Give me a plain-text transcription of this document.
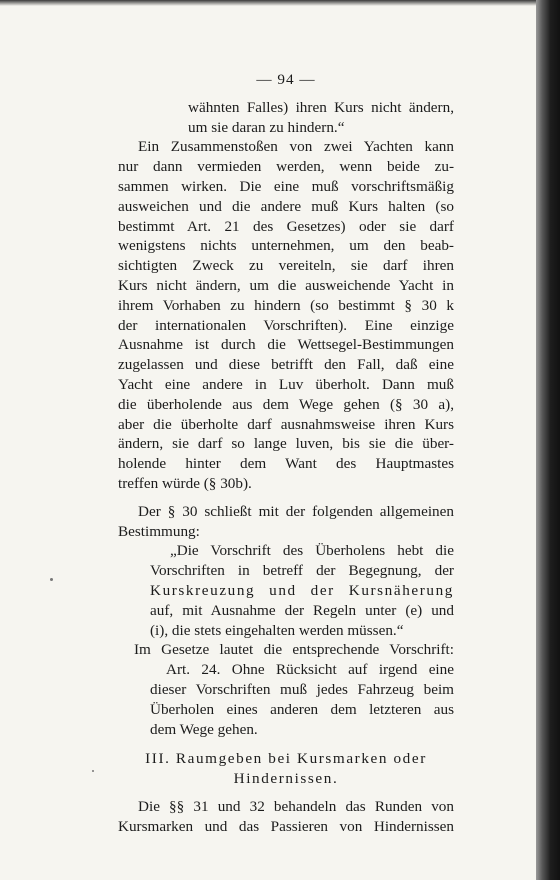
— 94 —
wähnten Falles) ihren Kurs nicht ändern,
um sie daran zu hindern.“
Ein Zusammenstoßen von zwei Yachten kann
nur dann vermieden werden, wenn beide zu-
sammen wirken. Die eine muß vorschriftsmäßig
ausweichen und die andere muß Kurs halten (so
bestimmt Art. 21 des Gesetzes) oder sie darf
wenigstens nichts unternehmen, um den beab-
sichtigten Zweck zu vereiteln, sie darf ihren
Kurs nicht ändern, um die ausweichende Yacht in
ihrem Vorhaben zu hindern (so bestimmt § 30 k
der internationalen Vorschriften). Eine einzige
Ausnahme ist durch die Wettsegel-Bestimmungen
zugelassen und diese betrifft den Fall, daß eine
Yacht eine andere in Luv überholt. Dann muß
die überholende aus dem Wege gehen (§ 30 a),
aber die überholte darf ausnahmsweise ihren Kurs
ändern, sie darf so lange luven, bis sie die über-
holende hinter dem Want des Hauptmastes
treffen würde (§ 30b).
Der § 30 schließt mit der folgenden allgemeinen
Bestimmung:
„Die Vorschrift des Überholens hebt die
Vorschriften in betreff der Begegnung, der
Kurskreuzung und der Kursnäherung
auf, mit Ausnahme der Regeln unter (e) und
(i), die stets eingehalten werden müssen.“
Im Gesetze lautet die entsprechende Vorschrift:
Art. 24. Ohne Rücksicht auf irgend eine
dieser Vorschriften muß jedes Fahrzeug beim
Überholen eines anderen dem letzteren aus
dem Wege gehen.
III. Raumgeben bei Kursmarken oder
Hindernissen.
Die §§ 31 und 32 behandeln das Runden von
Kursmarken und das Passieren von Hindernissen
